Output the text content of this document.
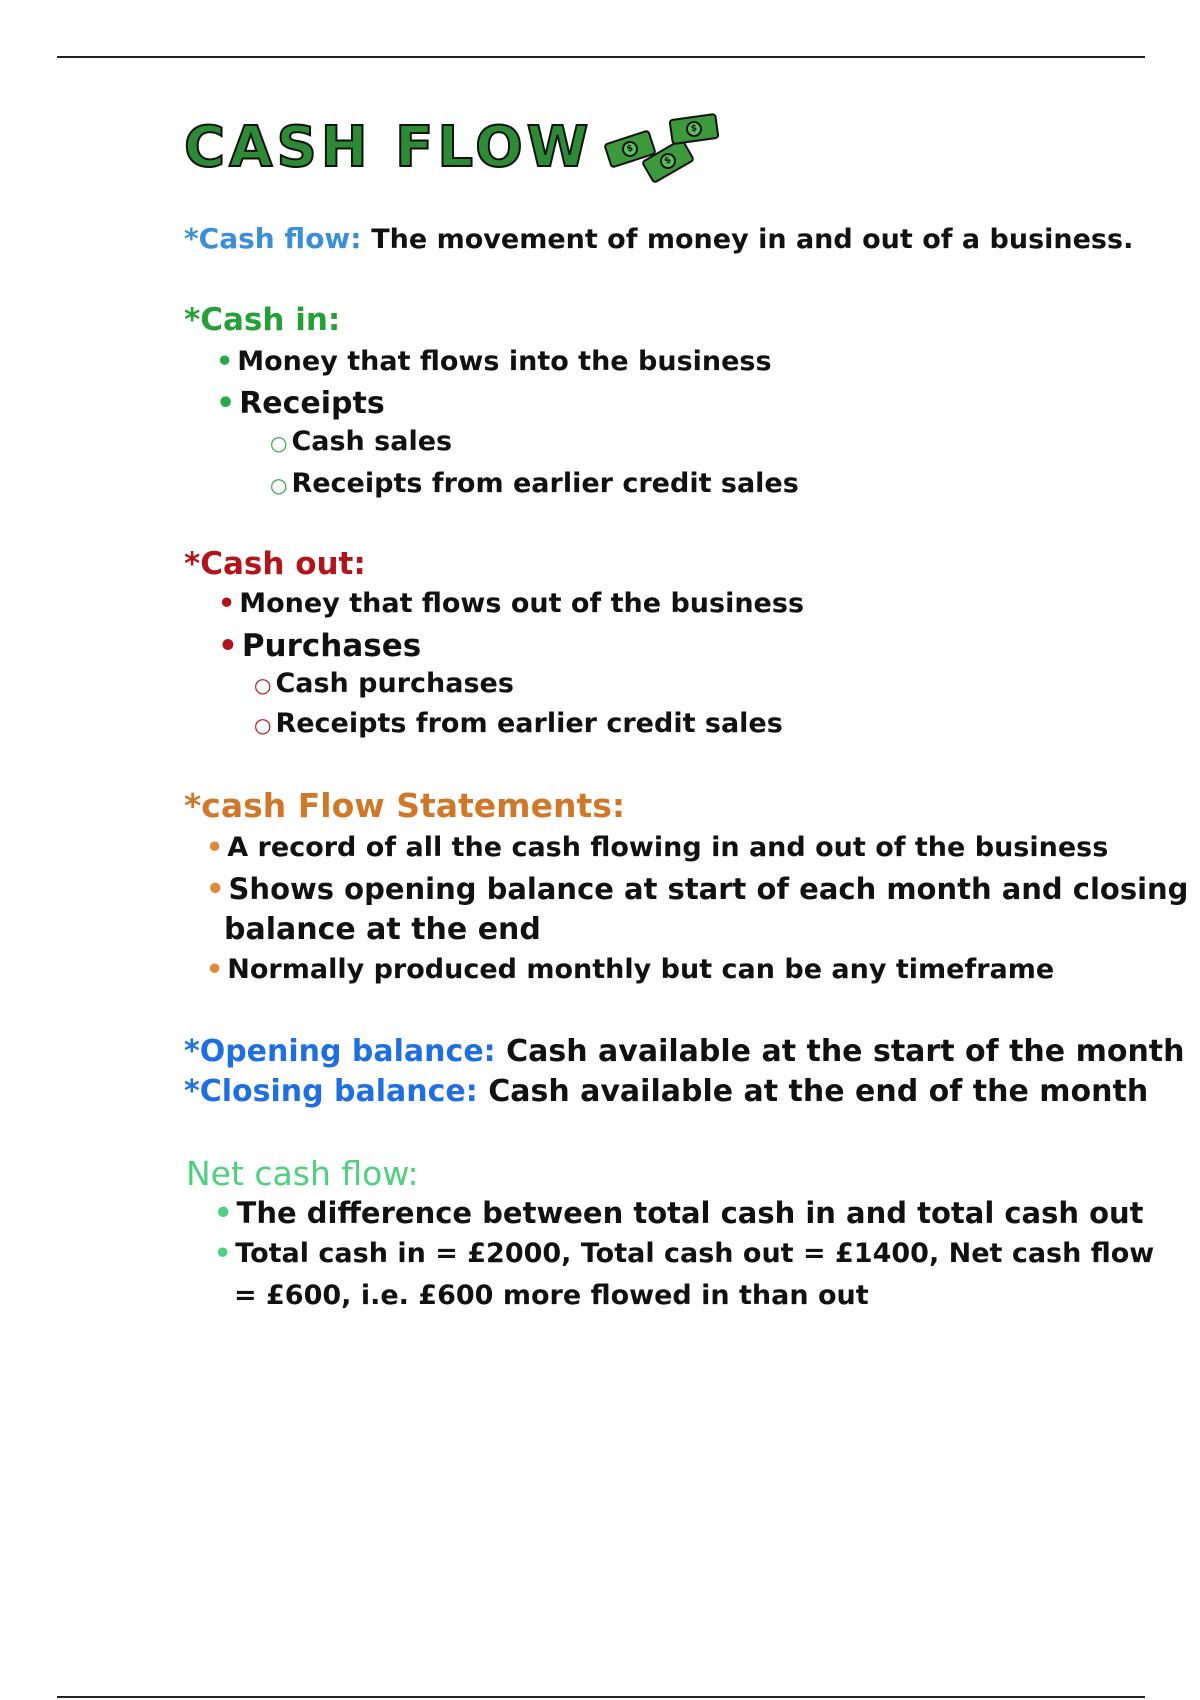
CASH FLOW	$
$
$
*Cash flow: The movement of money in and out of a business.
*Cash in:
• Money that flows into the business
• Receipts
○ Cash sales
○ Receipts from earlier credit sales
*Cash out:
• Money that flows out of the business
• Purchases
○ Cash purchases
○ Receipts from earlier credit sales
*cash Flow Statements:
• A record of all the cash flowing in and out of the business
• Shows opening balance at start of each month and closing
balance at the end
• Normally produced monthly but can be any timeframe
*Opening balance: Cash available at the start of the month
*Closing balance: Cash available at the end of the month
Net cash flow:
• The difference between total cash in and total cash out
• Total cash in = £2000, Total cash out = £1400, Net cash flow
= £600, i.e. £600 more flowed in than out
